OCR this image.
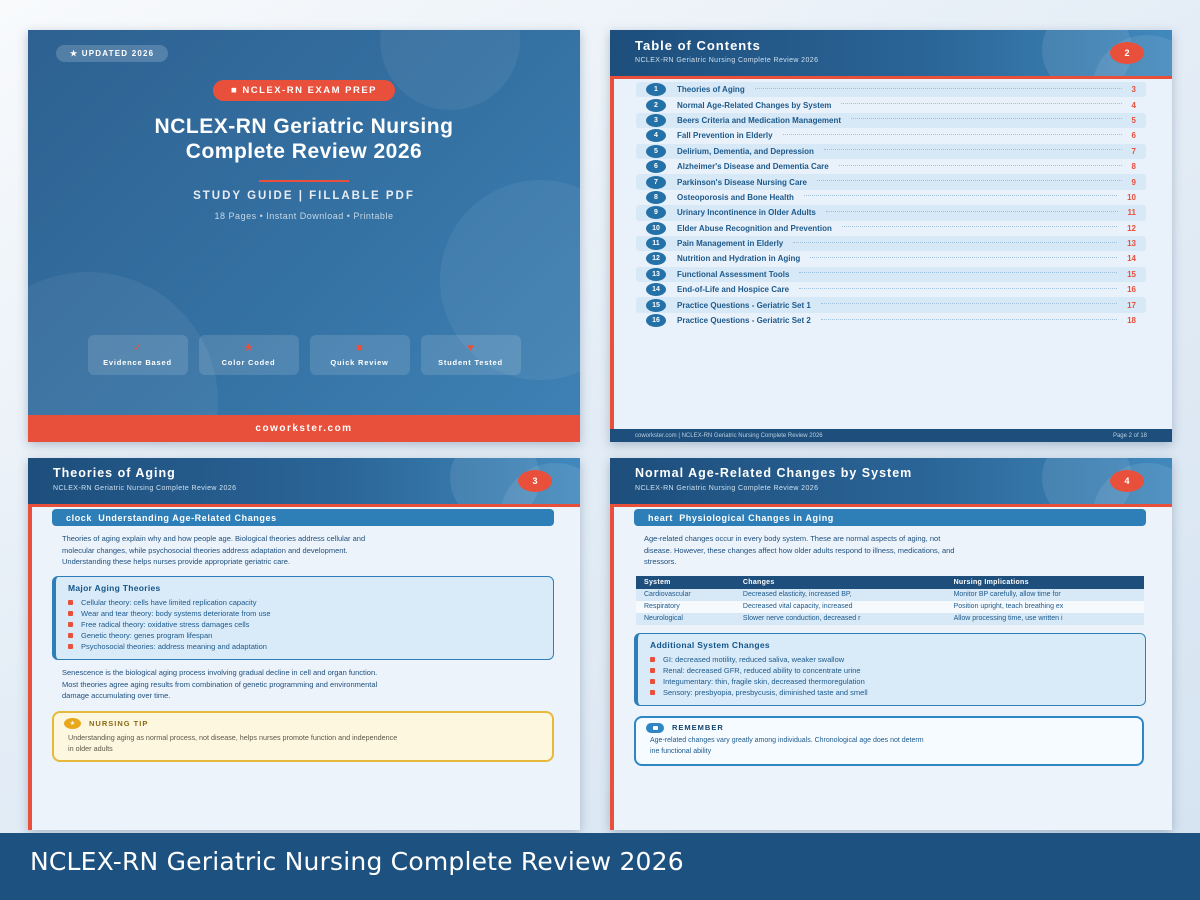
★ UPDATED 2026
■ NCLEX-RN EXAM PREP
NCLEX-RN Geriatric Nursing
Complete Review 2026
STUDY GUIDE | FILLABLE PDF
18 Pages • Instant Download • Printable
✓
Evidence Based
★
Color Coded
■
Quick Review
♥
Student Tested
coworkster.com
Table of Contents
NCLEX-RN Geriatric Nursing Complete Review 2026
2
1	Theories of Aging	3
2	Normal Age-Related Changes by System	4
3	Beers Criteria and Medication Management	5
4	Fall Prevention in Elderly	6
5	Delirium, Dementia, and Depression	7
6	Alzheimer's Disease and Dementia Care	8
7	Parkinson's Disease Nursing Care	9
8	Osteoporosis and Bone Health	10
9	Urinary Incontinence in Older Adults	11
10	Elder Abuse Recognition and Prevention	12
11	Pain Management in Elderly	13
12	Nutrition and Hydration in Aging	14
13	Functional Assessment Tools	15
14	End-of-Life and Hospice Care	16
15	Practice Questions - Geriatric Set 1	17
16	Practice Questions - Geriatric Set 2	18
coworkster.com | NCLEX-RN Geriatric Nursing Complete Review 2026	Page 2 of 18
Theories of Aging
NCLEX-RN Geriatric Nursing Complete Review 2026
3
clock  Understanding Age-Related Changes
Theories of aging explain why and how people age. Biological theories address cellular and molecular changes, while psychosocial theories address adaptation and development. Understanding these helps nurses provide appropriate geriatric care.
Major Aging Theories
Cellular theory: cells have limited replication capacity
Wear and tear theory: body systems deteriorate from use
Free radical theory: oxidative stress damages cells
Genetic theory: genes program lifespan
Psychosocial theories: address meaning and adaptation
Senescence is the biological aging process involving gradual decline in cell and organ function. Most theories agree aging results from combination of genetic programming and environmental damage accumulating over time.
★	NURSING TIP
Understanding aging as normal process, not disease, helps nurses promote function and independence in older adults
Normal Age-Related Changes by System
NCLEX-RN Geriatric Nursing Complete Review 2026
4
heart  Physiological Changes in Aging
Age-related changes occur in every body system. These are normal aspects of aging, not disease. However, these changes affect how older adults respond to illness, medications, and stressors.
System	Changes	Nursing Implications
Cardiovascular	Decreased elasticity, increased BP,	Monitor BP carefully, allow time for
Respiratory	Decreased vital capacity, increased	Position upright, teach breathing ex
Neurological	Slower nerve conduction, decreased r	Allow processing time, use written i
Additional System Changes
GI: decreased motility, reduced saliva, weaker swallow
Renal: decreased GFR, reduced ability to concentrate urine
Integumentary: thin, fragile skin, decreased thermoregulation
Sensory: presbyopia, presbycusis, diminished taste and smell
REMEMBER
Age-related changes vary greatly among individuals. Chronological age does not determ
ine functional ability
NCLEX-RN Geriatric Nursing Complete Review 2026
